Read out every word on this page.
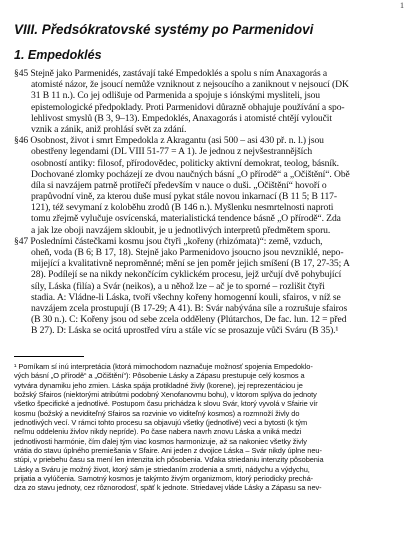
1
VIII. Předsókratovské systémy po Parmenidovi
1. Empedoklés
§45 Stejně jako Parmenidés, zastávají také Empedoklés a spolu s ním Anaxagorás a
atomisté názor, že jsoucí nemůže vzniknout z nejsoucího a zaniknout v nejsoucí (DK
31 B 11 n.). Co jej odlišuje od Parmenida a spojuje s iónskými mysliteli, jsou
epistemologické předpoklady. Proti Parmenidovi důrazně obhajuje používání a spo-
lehlivost smyslů (B 3, 9–13). Empedoklés, Anaxagorás i atomisté chtějí vyloučit
vznik a zánik, aniž prohlásí svět za zdání.
§46 Osobnost, život i smrt Empedokla z Akragantu (asi 500 – asi 430 př. n. l.) jsou
obestřeny legendami (DL VIII 51-77 = A 1). Je jednou z nejvšestrannějších
osobností antiky: filosof, přírodovědec, politicky aktivní demokrat, teolog, básník.
Dochované zlomky pocházejí ze dvou naučných básní „O přírodě“ a „Očištění“. Obě
díla si navzájem patrně protiřečí především v nauce o duši. „Očištění“ hovoří o
prapůvodní vině, za kterou duše musí pykat stále novou inkarnací (B 11 5; B 117-
121), též sevymaní z koloběhu zrodů (B 146 n.). Myšlenku nesmrtelnosti naproti
tomu zřejmě vylučuje osvícenská, materialistická tendence básně „O přírodě“. Zda
a jak lze oboji navzájem skloubit, je u jednotlivých interpretů předmětem sporu.
§47 Posledními částečkami kosmu jsou čtyři „kořeny (rhizómata)“: země, vzduch,
oheň, voda (B 6; B 17, 18). Stejně jako Parmenidovo jsoucno jsou nevzniklé, nepo-
mijející a kvalitativně neproměnné; mění se jen poměr jejich smíšení (B 17, 27-35; A
28). Podílejí se na nikdy nekončícím cyklickém procesu, jejž určují dvě pohybující
síly, Láska (filía) a Svár (neikos), a u něhož lze – ač je to sporné – rozlišit čtyři
stadia. A: Vládne-li Láska, tvoří všechny kořeny homogenní kouli, sfairos, v níž se
navzájem zcela prostupují (B 17-29; A 41). B: Svár nabývána síle a rozrušuje sfairos
(B 30 n.). C: Kořeny jsou od sebe zcela odděleny (Plútarchos, De fac. lun. 12 = před
B 27). D: Láska se ocitá uprostřed víru a stále víc se prosazuje vůči Sváru (B 35).¹
¹ Pomíkam sí inú interpretácia (ktorá mimochodom naznačuje možnosť spojenia Empedoklo-
vých básní „O přírodě“ a „Očištění“): Pôsobenie Lásky a Zápasu prestupuje celý kosmos a
vytvára dynamiku jeho zmien. Láska spája protikladné živly (korene), jej reprezentáciou je
božský Sfairos (niektorými atribútmi podobný Xenofanovmu bohu), v ktorom splýva do jednoty
všetko špecifické a jednotlivé. Postupom času prichádza k slovu Svár, ktorý vyvolá v Sfairie vír
kosmu (božský a neviditeľný Sfairos sa rozvinie vo viditeľný kosmos) a rozmnoží živly do
jednotlivých vecí. V rámci tohto procesu sa objavujú všetky (jednotlivé) veci a bytosti (k tým
neľmu oddeleniu živlov nikdy nepríde). Po čase nabera navrh znovu Láska a vniká medzi
jednotlivosti harmónie, čím ďalej tým viac kosmos harmonizuje, až sa nakoniec všetky živly
vrátia do stavu úplného premiešania v Sfaire. Ani jeden z dvojice Láska – Svár nikdy úplne neu-
stúpi, v priebehu času sa mení len intenzita ich pôsobenia. Vďaka striedaniu intenzity pôsobenia
Lásky a Sváru je možný život, ktorý sám je striedaním zrodenia a smrti, nádychu a výdychu,
prijatia a vylúčenia. Samotný kosmos je takýmto živým organizmom, ktorý periodicky prechá-
dza zo stavu jednoty, cez rôznorodosť, späť k jednote. Striedavej vládе Lásky a Zápasu sa nev-
